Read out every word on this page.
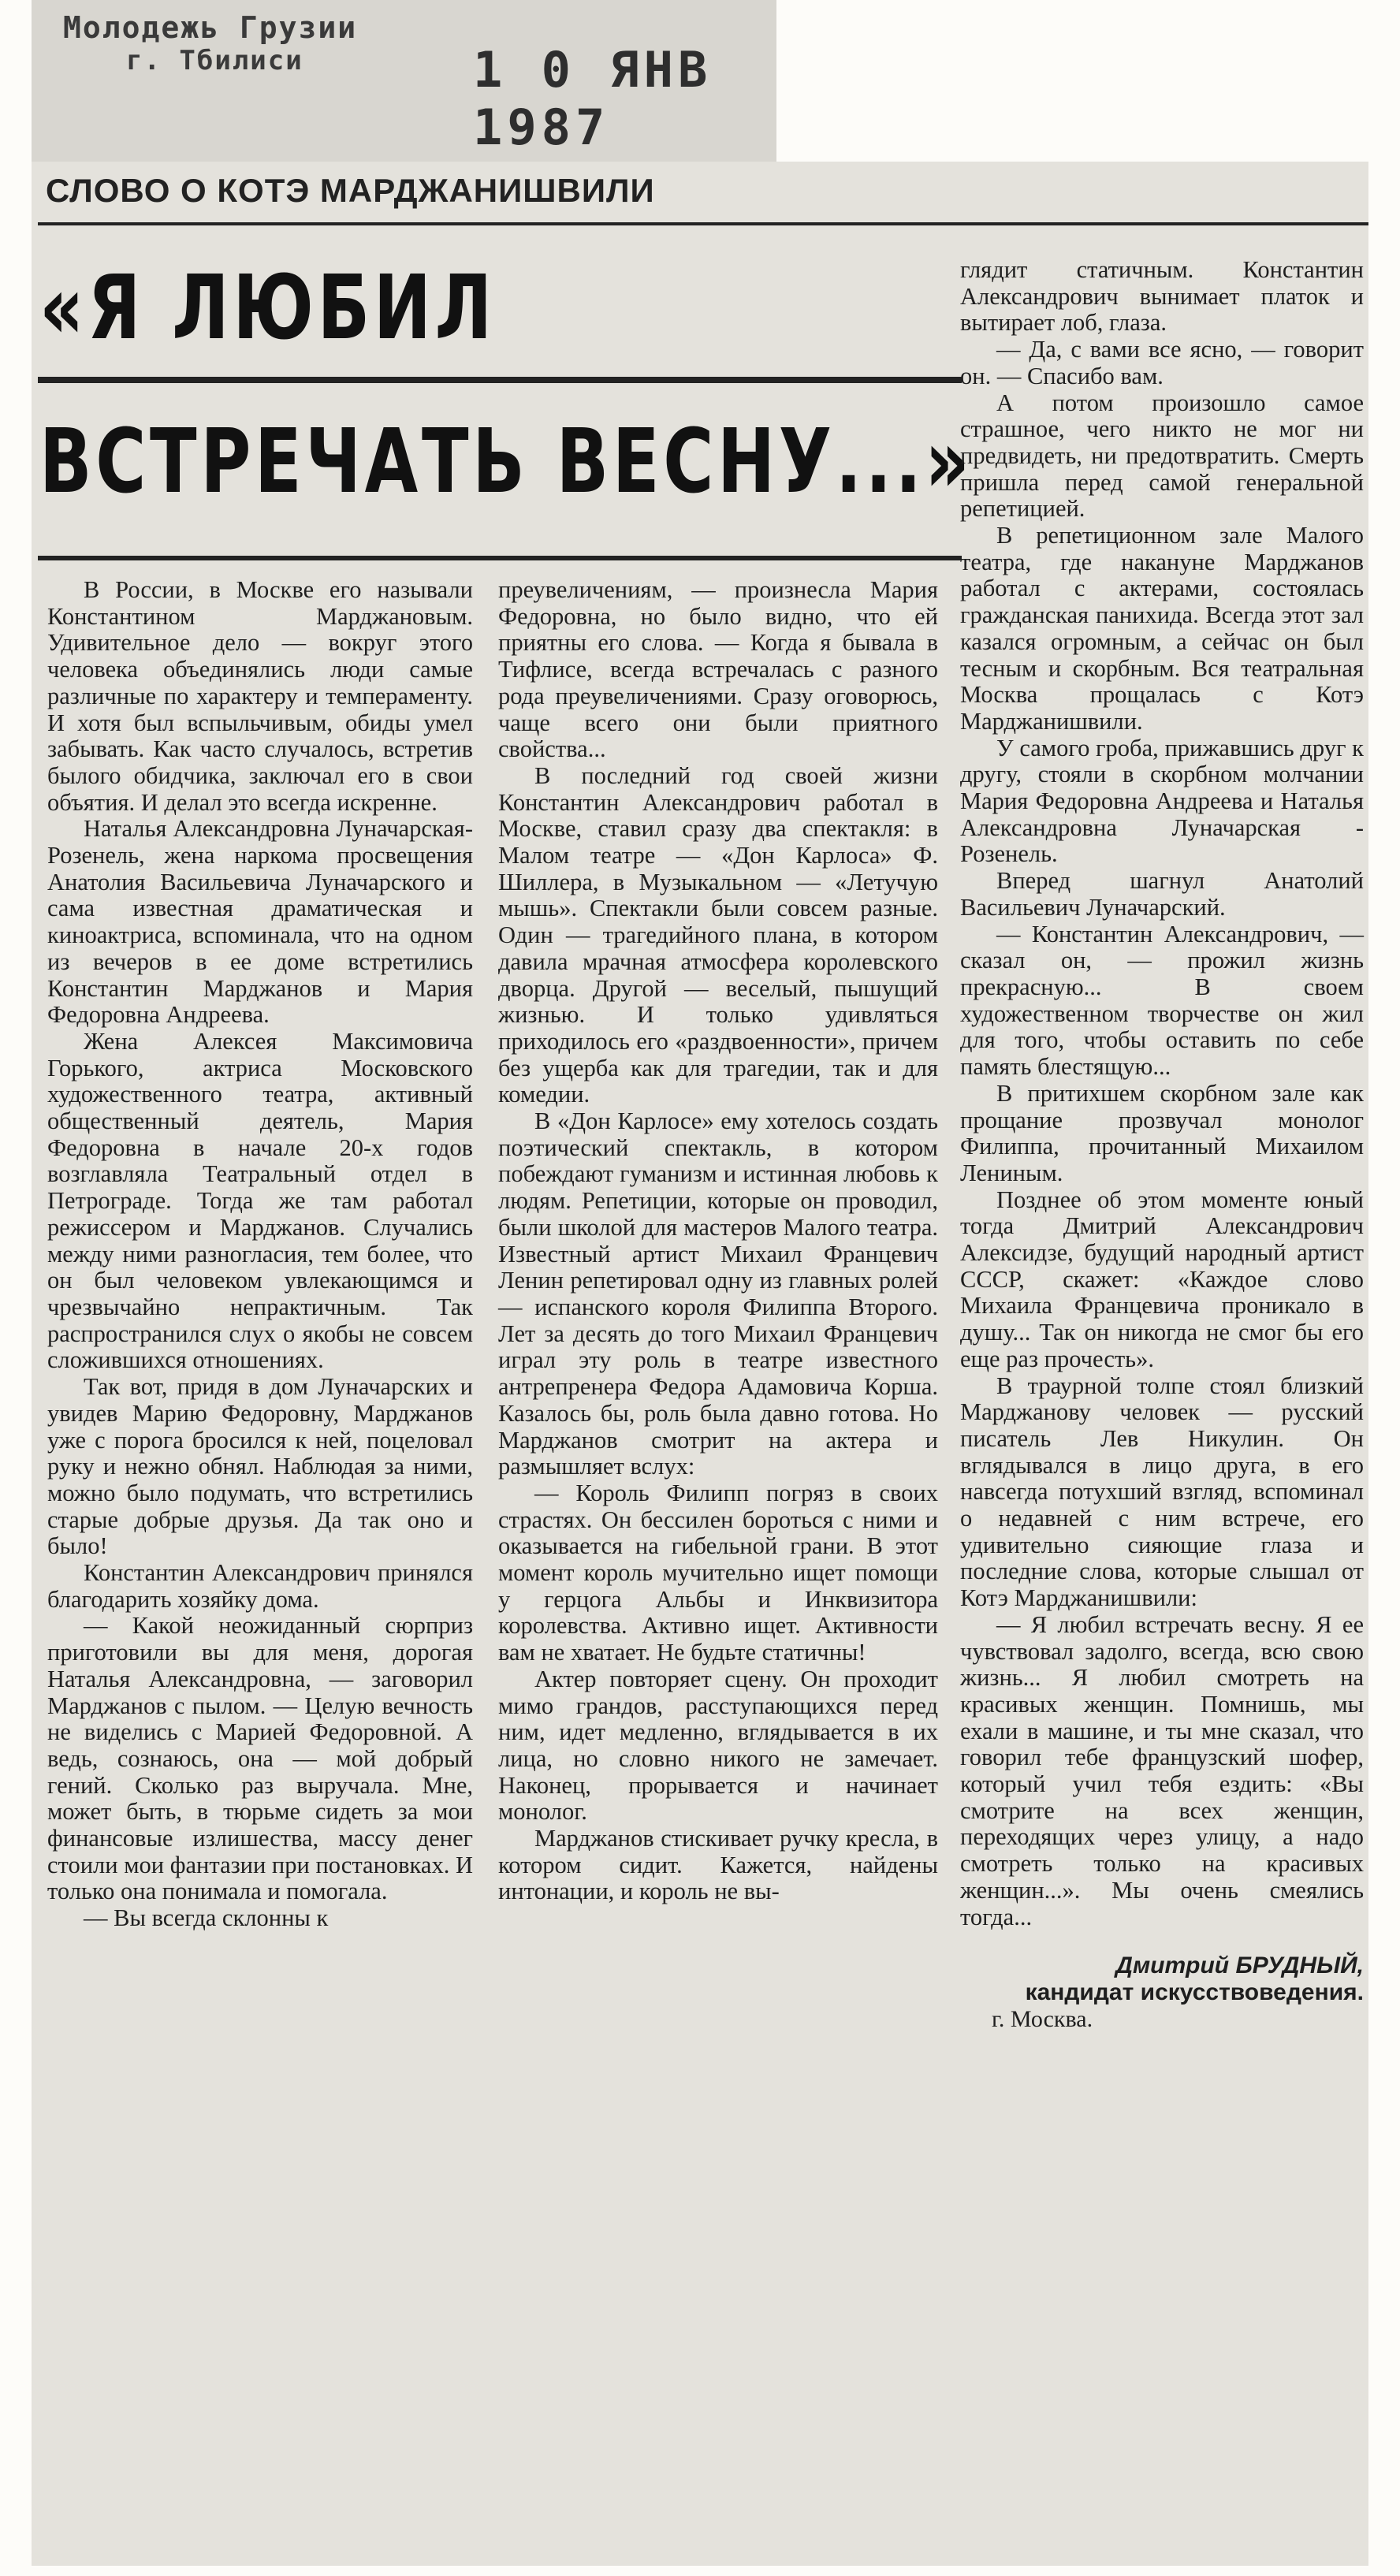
Молодежь Грузии
г. Тбилиси	1 0 ЯНВ 1987
СЛОВО О КОТЭ МАРДЖАНИШВИЛИ
«Я ЛЮБИЛ
ВСТРЕЧАТЬ ВЕСНУ...»

В России, в Москве его называли Константином Марджановым. Удивительное дело — вокруг этого человека объединялись люди самые различные по характеру и темпераменту. И хотя был вспыльчивым, обиды умел забывать. Как часто случалось, встретив былого обидчика, заключал его в свои объятия. И делал это всегда искренне.

Наталья Александровна Луначарская-Розенель, жена наркома просвещения Анатолия Васильевича Луначарского и сама известная драматическая и киноактриса, вспоминала, что на одном из вечеров в ее доме встретились Константин Марджанов и Мария Федоровна Андреева.

Жена Алексея Максимовича Горького, актриса Московского художественного театра, активный общественный деятель, Мария Федоровна в начале 20-х годов возглавляла Театральный отдел в Петрограде. Тогда же там работал режиссером и Марджанов. Случались между ними разногласия, тем более, что он был человеком увлекающимся и чрезвычайно непрактичным. Так распространился слух о якобы не совсем сложившихся отношениях.

Так вот, придя в дом Луначарских и увидев Марию Федоровну, Марджанов уже с порога бросился к ней, поцеловал руку и нежно обнял. Наблюдая за ними, можно было подумать, что встретились старые добрые друзья. Да так оно и было!

Константин Александрович принялся благодарить хозяйку дома.

— Какой неожиданный сюрприз приготовили вы для меня, дорогая Наталья Александровна, — заговорил Марджанов с пылом. — Целую вечность не виделись с Марией Федоровной. А ведь, сознаюсь, она — мой добрый гений. Сколько раз выручала. Мне, может быть, в тюрьме сидеть за мои финансовые излишества, массу денег стоили мои фантазии при постановках. И только она понимала и помогала.

— Вы всегда склонны к

преувеличениям, — произнесла Мария Федоровна, но было видно, что ей приятны его слова. — Когда я бывала в Тифлисе, всегда встречалась с разного рода преувеличениями. Сразу оговорюсь, чаще всего они были приятного свойства...

В последний год своей жизни Константин Александрович работал в Москве, ставил сразу два спектакля: в Малом театре — «Дон Карлоса» Ф. Шиллера, в Музыкальном — «Летучую мышь». Спектакли были совсем разные. Один — трагедийного плана, в котором давила мрачная атмосфера королевского дворца. Другой — веселый, пышущий жизнью. И только удивляться приходилось его «раздвоенности», причем без ущерба как для трагедии, так и для комедии.

В «Дон Карлосе» ему хотелось создать поэтический спектакль, в котором побеждают гуманизм и истинная любовь к людям. Репетиции, которые он проводил, были школой для мастеров Малого театра. Известный артист Михаил Францевич Ленин репетировал одну из главных ролей — испанского короля Филиппа Второго. Лет за десять до того Михаил Францевич играл эту роль в театре известного антрепренера Федора Адамовича Корша. Казалось бы, роль была давно готова. Но Марджанов смотрит на актера и размышляет вслух:

— Король Филипп погряз в своих страстях. Он бессилен бороться с ними и оказывается на гибельной грани. В этот момент король мучительно ищет помощи у герцога Альбы и Инквизитора королевства. Активно ищет. Активности вам не хватает. Не будьте статичны!

Актер повторяет сцену. Он проходит мимо грандов, расступающихся перед ним, идет медленно, вглядывается в их лица, но словно никого не замечает. Наконец, прорывается и начинает монолог.

Марджанов стискивает ручку кресла, в котором сидит. Кажется, найдены интонации, и король не вы-

глядит статичным. Константин Александрович вынимает платок и вытирает лоб, глаза.

— Да, с вами все ясно, — говорит он. — Спасибо вам.

А потом произошло самое страшное, чего никто не мог ни предвидеть, ни предотвратить. Смерть пришла перед самой генеральной репетицией.

В репетиционном зале Малого театра, где накануне Марджанов работал с актерами, состоялась гражданская панихида. Всегда этот зал казался огромным, а сейчас он был тесным и скорбным. Вся театральная Москва прощалась с Котэ Марджанишвили.

У самого гроба, прижавшись друг к другу, стояли в скорбном молчании Мария Федоровна Андреева и Наталья Александровна Луначарская - Розенель.

Вперед шагнул Анатолий Васильевич Луначарский.

— Константин Александрович, — сказал он, — прожил жизнь прекрасную... В своем художественном творчестве он жил для того, чтобы оставить по себе память блестящую...

В притихшем скорбном зале как прощание прозвучал монолог Филиппа, прочитанный Михаилом Лениным.

Позднее об этом моменте юный тогда Дмитрий Александрович Алексидзе, будущий народный артист СССР, скажет: «Каждое слово Михаила Францевича проникало в душу... Так он никогда не смог бы его еще раз прочесть».

В траурной толпе стоял близкий Марджанову человек — русский писатель Лев Никулин. Он вглядывался в лицо друга, в его навсегда потухший взгляд, вспоминал о недавней с ним встрече, его удивительно сияющие глаза и последние слова, которые слышал от Котэ Марджанишвили:

— Я любил встречать весну. Я ее чувствовал задолго, всегда, всю свою жизнь... Я любил смотреть на красивых женщин. Помнишь, мы ехали в машине, и ты мне сказал, что говорил тебе французский шофер, который учил тебя ездить: «Вы смотрите на всех женщин, переходящих через улицу, а надо смотреть только на красивых женщин...». Мы очень смеялись тогда...

Дмитрий БРУДНЫЙ,
кандидат искусствоведения.
г. Москва.
